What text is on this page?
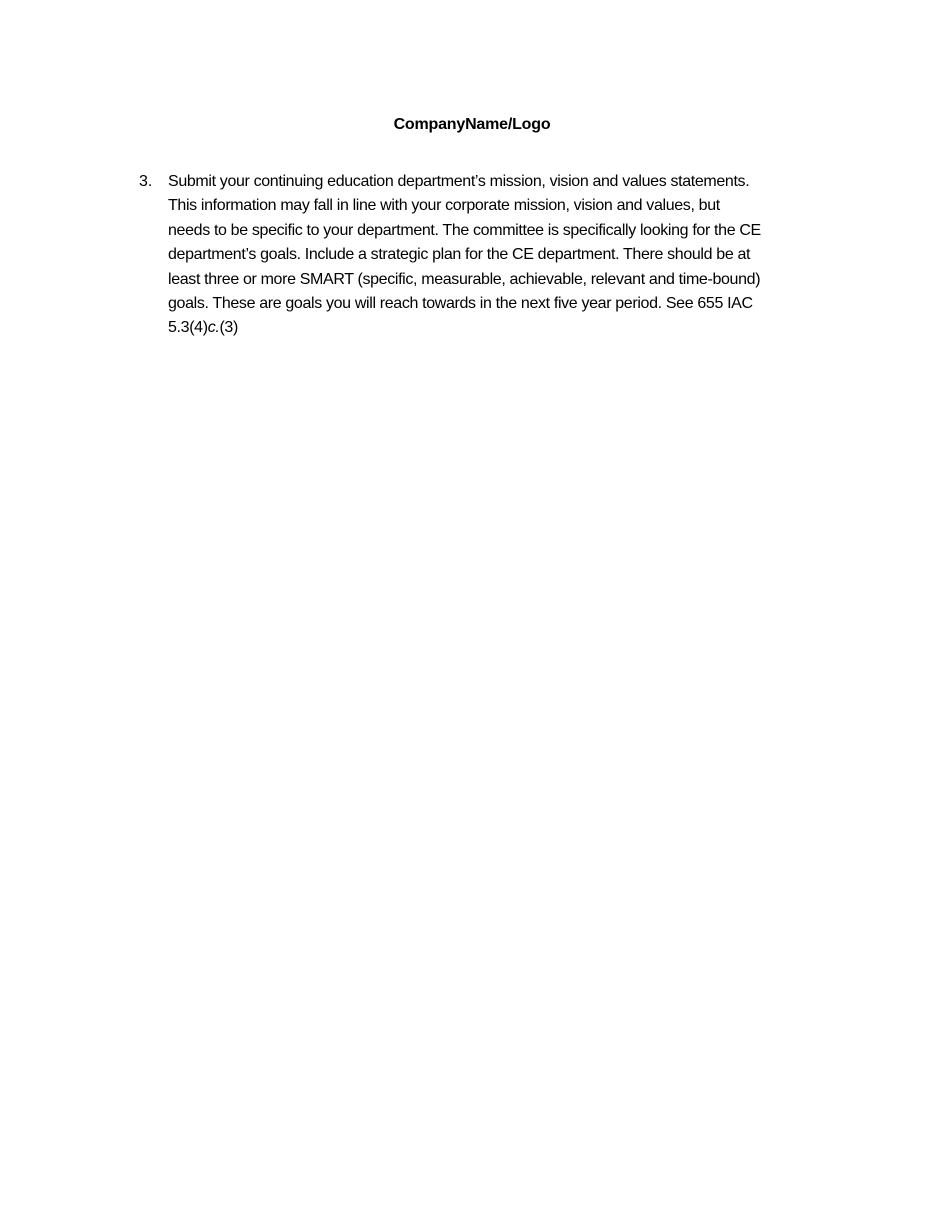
CompanyName/Logo
3. Submit your continuing education department’s mission, vision and values statements.
This information may fall in line with your corporate mission, vision and values, but
needs to be specific to your department. The committee is specifically looking for the CE
department’s goals. Include a strategic plan for the CE department. There should be at
least three or more SMART (specific, measurable, achievable, relevant and time-bound)
goals. These are goals you will reach towards in the next five year period. See 655 IAC
5.3(4)c.(3)
